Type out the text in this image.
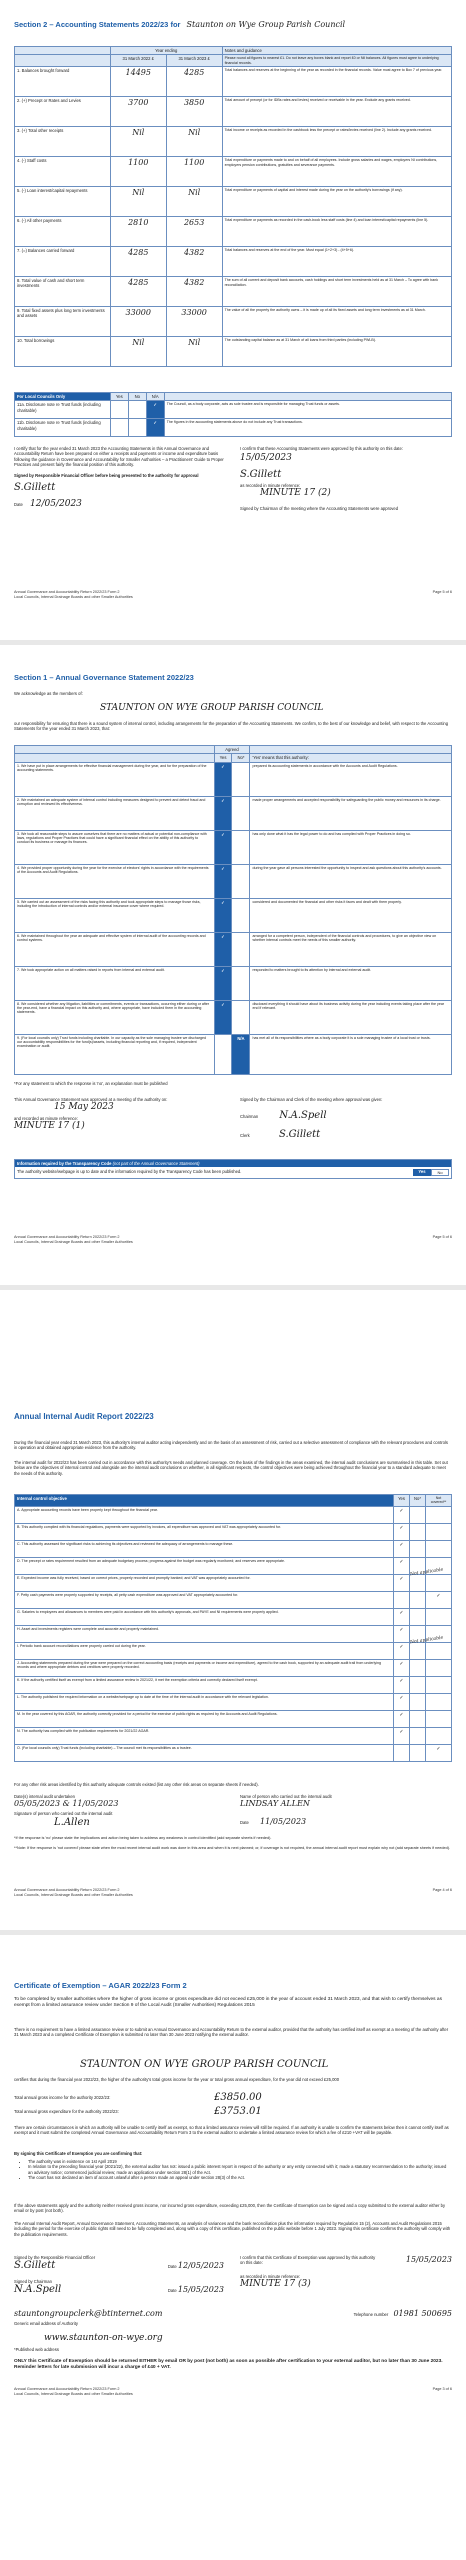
Section 2 – Accounting Statements 2022/23 for Staunton on Wye Group Parish Council
	Year ending		Notes and guidance
	31 March 2022 £	31 March 2023 £	Please round all figures to nearest £1. Do not leave any boxes blank and report £0 or Nil balances. All figures must agree to underlying financial records.
1. Balances brought forward	14495	4285	Total balances and reserves at the beginning of the year as recorded in the financial records. Value must agree to Box 7 of previous year.
2. (+) Precept or Rates and Levies	3700	3850	Total amount of precept (or for IDBs rates and levies) received or receivable in the year. Exclude any grants received.
3. (+) Total other receipts	Nil	Nil	Total income or receipts as recorded in the cashbook less the precept or rates/levies received (line 2). Include any grants received.
4. (-) Staff costs	1100	1100	Total expenditure or payments made to and on behalf of all employees. Include gross salaries and wages, employers NI contributions, employers pension contributions, gratuities and severance payments.
5. (-) Loan interest/capital repayments	Nil	Nil	Total expenditure or payments of capital and interest made during the year on the authority's borrowings (if any).
6. (-) All other payments	2810	2653	Total expenditure or payments as recorded in the cash-book less staff costs (line 4) and loan interest/capital repayments (line 5).
7. (=) Balances carried forward	4285	4382	Total balances and reserves at the end of the year. Must equal (1+2+3) - (4+5+6).
8. Total value of cash and short term investments	4285	4382	The sum of all current and deposit bank accounts, cash holdings and short term investments held as at 31 March – To agree with bank reconciliation.
9. Total fixed assets plus long term investments and assets	33000	33000	The value of all the property the authority owns – it is made up of all its fixed assets and long term investments as at 31 March.
10. Total borrowings	Nil	Nil	The outstanding capital balance as at 31 March of all loans from third parties (including PWLB).
For Local Councils Only	Yes	No	N/A	
11a. Disclosure note re Trust funds (including charitable)			✓	The Council, as a body corporate, acts as sole trustee and is responsible for managing Trust funds or assets.
11b. Disclosure note re Trust funds (including charitable)			✓	The figures in the accounting statements above do not include any Trust transactions.
I certify that for the year ended 31 March 2023 the Accounting Statements in this Annual Governance and Accountability Return have been prepared on either a receipts and payments or income and expenditure basis following the guidance in Governance and Accountability for Smaller Authorities – a Practitioners' Guide to Proper Practices and present fairly the financial position of this authority.
Signed by Responsible Financial Officer before being presented to the authority for approval
S.Gillett
Date 12/05/2023
I confirm that these Accounting Statements were approved by this authority on this date:
15/05/2023
S.Gillett
as recorded in minute reference:
MINUTE 17 (2)
Signed by Chairman of the meeting where the Accounting Statements were approved
Annual Governance and Accountability Return 2022/23 Form 2
Local Councils, Internal Drainage Boards and other Smaller Authorities
Page 5 of 6
Section 1 – Annual Governance Statement 2022/23
We acknowledge as the members of:
STAUNTON ON WYE GROUP PARISH COUNCIL
our responsibility for ensuring that there is a sound system of internal control, including arrangements for the preparation of the Accounting Statements. We confirm, to the best of our knowledge and belief, with respect to the Accounting Statements for the year ended 31 March 2023, that:
	Agreed		
	Yes	No*	'Yes' means that this authority:
1. We have put in place arrangements for effective financial management during the year, and for the preparation of the accounting statements.	✓		prepared its accounting statements in accordance with the Accounts and Audit Regulations.
2. We maintained an adequate system of internal control including measures designed to prevent and detect fraud and corruption and reviewed its effectiveness.	✓		made proper arrangements and accepted responsibility for safeguarding the public money and resources in its charge.
3. We took all reasonable steps to assure ourselves that there are no matters of actual or potential non-compliance with laws, regulations and Proper Practices that could have a significant financial effect on the ability of this authority to conduct its business or manage its finances.	✓		has only done what it has the legal power to do and has complied with Proper Practices in doing so.
4. We provided proper opportunity during the year for the exercise of electors' rights in accordance with the requirements of the Accounts and Audit Regulations.	✓		during the year gave all persons interested the opportunity to inspect and ask questions about this authority's accounts.
5. We carried out an assessment of the risks facing this authority and took appropriate steps to manage those risks, including the introduction of internal controls and/or external insurance cover where required.	✓		considered and documented the financial and other risks it faces and dealt with them properly.
6. We maintained throughout the year an adequate and effective system of internal audit of the accounting records and control systems.	✓		arranged for a competent person, independent of the financial controls and procedures, to give an objective view on whether internal controls meet the needs of this smaller authority.
7. We took appropriate action on all matters raised in reports from internal and external audit.	✓		responded to matters brought to its attention by internal and external audit.
8. We considered whether any litigation, liabilities or commitments, events or transactions, occurring either during or after the year-end, have a financial impact on this authority and, where appropriate, have included them in the accounting statements.	✓		disclosed everything it should have about its business activity during the year including events taking place after the year end if relevant.
9. (For local councils only) Trust funds including charitable. In our capacity as the sole managing trustee we discharged our accountability responsibilities for the fund(s)/assets, including financial reporting and, if required, independent examination or audit.		N/A	has met all of its responsibilities where as a body corporate it is a sole managing trustee of a local trust or trusts.
*For any statement to which the response is 'no', an explanation must be published
This Annual Governance Statement was approved at a meeting of the authority on:
15 May 2023
and recorded as minute reference:
MINUTE 17 (1)
Signed by the Chairman and Clerk of the meeting where approval was given:
Chairman N.A.Spell
Clerk	S.Gillett
Information required by the Transparency Code (not part of the Annual Governance Statement)
The authority website/webpage is up to date and the information required by the Transparency Code has been published.	Yes	No
Annual Governance and Accountability Return 2022/23 Form 2
Local Councils, Internal Drainage Boards and other Smaller Authorities
Page 5 of 6
Annual Internal Audit Report 2022/23
During the financial year ended 31 March 2023, this authority's internal auditor acting independently and on the basis of an assessment of risk, carried out a selective assessment of compliance with the relevant procedures and controls in operation and obtained appropriate evidence from the authority.
The internal audit for 2022/23 has been carried out in accordance with this authority's needs and planned coverage. On the basis of the findings in the areas examined, the internal audit conclusions are summarised in this table. Set out below are the objectives of internal control and alongside are the internal audit conclusions on whether, in all significant respects, the control objectives were being achieved throughout the financial year to a standard adequate to meet the needs of this authority.
Internal control objective	Yes	No*	Not covered**
A. Appropriate accounting records have been properly kept throughout the financial year.	✓		
B. This authority complied with its financial regulations, payments were supported by invoices, all expenditure was approved and VAT was appropriately accounted for.	✓		
C. This authority assessed the significant risks to achieving its objectives and reviewed the adequacy of arrangements to manage these.	✓		
D. The precept or rates requirement resulted from an adequate budgetary process; progress against the budget was regularly monitored; and reserves were appropriate.	✓		
E. Expected income was fully received, based on correct prices, properly recorded and promptly banked; and VAT was appropriately accounted for.	✓		
F. Petty cash payments were properly supported by receipts, all petty cash expenditure was approved and VAT appropriately accounted for.			✓
G. Salaries to employees and allowances to members were paid in accordance with this authority's approvals, and PAYE and NI requirements were properly applied.	✓		
H. Asset and investments registers were complete and accurate and properly maintained.	✓		
I. Periodic bank account reconciliations were properly carried out during the year.	✓		
J. Accounting statements prepared during the year were prepared on the correct accounting basis (receipts and payments or income and expenditure), agreed to the cash book, supported by an adequate audit trail from underlying records and where appropriate debtors and creditors were properly recorded.	✓		
K. If the authority certified itself as exempt from a limited assurance review in 2021/22, it met the exemption criteria and correctly declared itself exempt.	✓		
L. The authority published the required information on a website/webpage up to date at the time of the internal audit in accordance with the relevant legislation.	✓		
M. In the year covered by this AGAR, the authority correctly provided for a period for the exercise of public rights as required by the Accounts and Audit Regulations.	✓		
N. The authority has complied with the publication requirements for 2021/22 AGAR.	✓		
O. (For local councils only) Trust funds (including charitable) – The council met its responsibilities as a trustee.			✓
Not applicable
Not applicable
For any other risk areas identified by this authority adequate controls existed (list any other risk areas on separate sheets if needed).
Date(s) internal audit undertaken
05/05/2023 & 11/05/2023
Signature of person who carried out the internal audit
L.Allen
Name of person who carried out the internal audit
LINDSAY ALLEN
Date 11/05/2023
*If the response is 'no' please state the implications and action being taken to address any weakness in control identified (add separate sheets if needed).
**Note: If the response is 'not covered' please state when the most recent internal audit work was done in this area and when it is next planned; or, if coverage is not required, the annual internal audit report must explain why not (add separate sheets if needed).
Annual Governance and Accountability Return 2022/23 Form 2
Local Councils, Internal Drainage Boards and other Smaller Authorities
Page 4 of 6
Certificate of Exemption – AGAR 2022/23 Form 2
To be completed by smaller authorities where the higher of gross income or gross expenditure did not exceed £25,000 in the year of account ended 31 March 2023, and that wish to certify themselves as exempt from a limited assurance review under Section 9 of the Local Audit (Smaller Authorities) Regulations 2015
There is no requirement to have a limited assurance review or to submit an Annual Governance and Accountability Return to the external auditor, provided that the authority has certified itself as exempt at a meeting of the authority after 31 March 2023 and a completed Certificate of Exemption is submitted no later than 30 June 2023 notifying the external auditor.
STAUNTON ON WYE GROUP PARISH COUNCIL
certifies that during the financial year 2022/23, the higher of the authority's total gross income for the year or total gross annual expenditure, for the year did not exceed £25,000
Total annual gross income for the authority 2022/23:	£3850.00
Total annual gross expenditure for the authority 2022/23:	£3753.01
There are certain circumstances in which an authority will be unable to certify itself as exempt, so that a limited assurance review will still be required. If an authority is unable to confirm the statements below then it cannot certify itself as exempt and it must submit the completed Annual Governance and Accountability Return Form 3 to the external auditor to undertake a limited assurance review for which a fee of £210 +VAT will be payable.
By signing this Certificate of Exemption you are confirming that:
• The authority was in existence on 1st April 2019
• In relation to the preceding financial year (2021/22), the external auditor has not: issued a public interest report in respect of the authority or any entity connected with it; made a statutory recommendation to the authority; issued an advisory notice; commenced judicial review; made an application under section 28(1) of the Act.
• The court has not declared an item of account unlawful after a person made an appeal under section 28(3) of the Act.
If the above statements apply and the authority neither received gross income, nor incurred gross expenditure, exceeding £25,000, then the Certificate of Exemption can be signed and a copy submitted to the external auditor either by email or by post (not both).
The Annual Internal Audit Report, Annual Governance Statement, Accounting Statements, an analysis of variances and the bank reconciliation plus the information required by Regulation 15 (2), Accounts and Audit Regulations 2015 including the period for the exercise of public rights still need to be fully completed and, along with a copy of this certificate, published on the public website before 1 July 2023. Signing this certificate confirms the authority will comply with the publication requirements.
Signed by the Responsible Financial Officer
S.Gillett	Date 12/05/2023
Signed by Chairman
N.A.Spell	Date 15/05/2023
I confirm that this Certificate of Exemption was approved by this authority on this date:	15/05/2023
as recorded in minute reference:
MINUTE 17 (3)
stauntongroupclerk@btinternet.com	Telephone number 01981 500695
Generic email address of Authority
www.staunton-on-wye.org
*Published web address
ONLY this Certificate of Exemption should be returned EITHER by email OR by post (not both) as soon as possible after certification to your external auditor, but no later than 30 June 2023. Reminder letters for late submission will incur a charge of £40 + VAT.
Annual Governance and Accountability Return 2022/23 Form 2
Local Councils, Internal Drainage Boards and other Smaller Authorities
Page 3 of 6
